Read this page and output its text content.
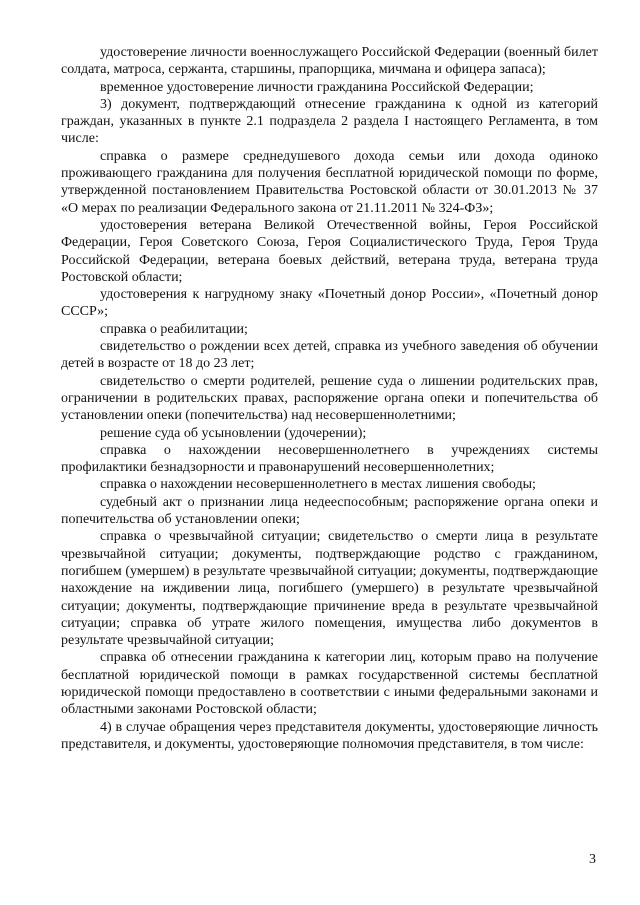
удостоверение личности военнослужащего Российской Федерации (военный билет солдата, матроса, сержанта, старшины, прапорщика, мичмана и офицера запаса);

временное удостоверение личности гражданина Российской Федерации;

3) документ, подтверждающий отнесение гражданина к одной из категорий граждан, указанных в пункте 2.1 подраздела 2 раздела I настоящего Регламента, в том числе:

справка о размере среднедушевого дохода семьи или дохода одиноко проживающего гражданина для получения бесплатной юридической помощи по форме, утвержденной постановлением Правительства Ростовской области от 30.01.2013 № 37 «О мерах по реализации Федерального закона от 21.11.2011 № 324-ФЗ»;

удостоверения ветерана Великой Отечественной войны, Героя Российской Федерации, Героя Советского Союза, Героя Социалистического Труда, Героя Труда Российской Федерации, ветерана боевых действий, ветерана труда, ветерана труда Ростовской области;

удостоверения к нагрудному знаку «Почетный донор России», «Почетный донор СССР»;

справка о реабилитации;

свидетельство о рождении всех детей, справка из учебного заведения об обучении детей в возрасте от 18 до 23 лет;

свидетельство о смерти родителей, решение суда о лишении родительских прав, ограничении в родительских правах, распоряжение органа опеки и попечительства об установлении опеки (попечительства) над несовершеннолетними;

решение суда об усыновлении (удочерении);

справка о нахождении несовершеннолетнего в учреждениях системы профилактики безнадзорности и правонарушений несовершеннолетних;

справка о нахождении несовершеннолетнего в местах лишения свободы;

судебный акт о признании лица недееспособным; распоряжение органа опеки и попечительства об установлении опеки;

справка о чрезвычайной ситуации; свидетельство о смерти лица в результате чрезвычайной ситуации; документы, подтверждающие родство с гражданином, погибшем (умершем) в результате чрезвычайной ситуации; документы, подтверждающие нахождение на иждивении лица, погибшего (умершего) в результате чрезвычайной ситуации; документы, подтверждающие причинение вреда в результате чрезвычайной ситуации; справка об утрате жилого помещения, имущества либо документов в результате чрезвычайной ситуации;

справка об отнесении гражданина к категории лиц, которым право на получение бесплатной юридической помощи в рамках государственной системы бесплатной юридической помощи предоставлено в соответствии с иными федеральными законами и областными законами Ростовской области;

4) в случае обращения через представителя документы, удостоверяющие личность представителя, и документы, удостоверяющие полномочия представителя, в том числе:

3
